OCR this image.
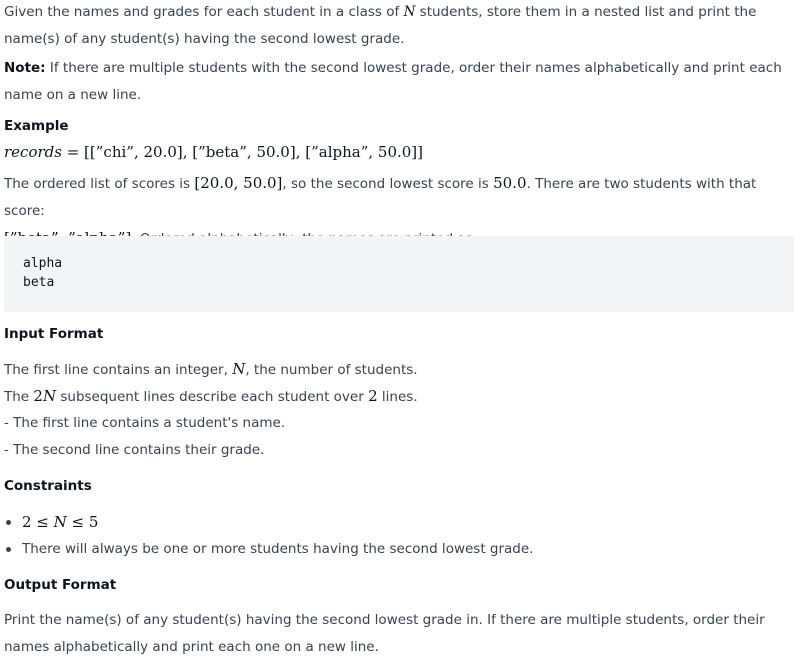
Given the names and grades for each student in a class of N students, store them in a nested list and print the name(s) of any student(s) having the second lowest grade.

Note: If there are multiple students with the second lowest grade, order their names alphabetically and print each name on a new line.

Example

records = [[”chi”, 20.0], [”beta”, 50.0], [”alpha”, 50.0]]

The ordered list of scores is [20.0, 50.0], so the second lowest score is 50.0. There are two students with that score:

alpha
beta
Input Format

The first line contains an integer, N, the number of students.

The 2N subsequent lines describe each student over 2 lines.

- The first line contains a student's name.

- The second line contains their grade.

Constraints
2 ≤ N ≤ 5
There will always be one or more students having the second lowest grade.
Output Format

Print the name(s) of any student(s) having the second lowest grade in. If there are multiple students, order their names alphabetically and print each one on a new line.
